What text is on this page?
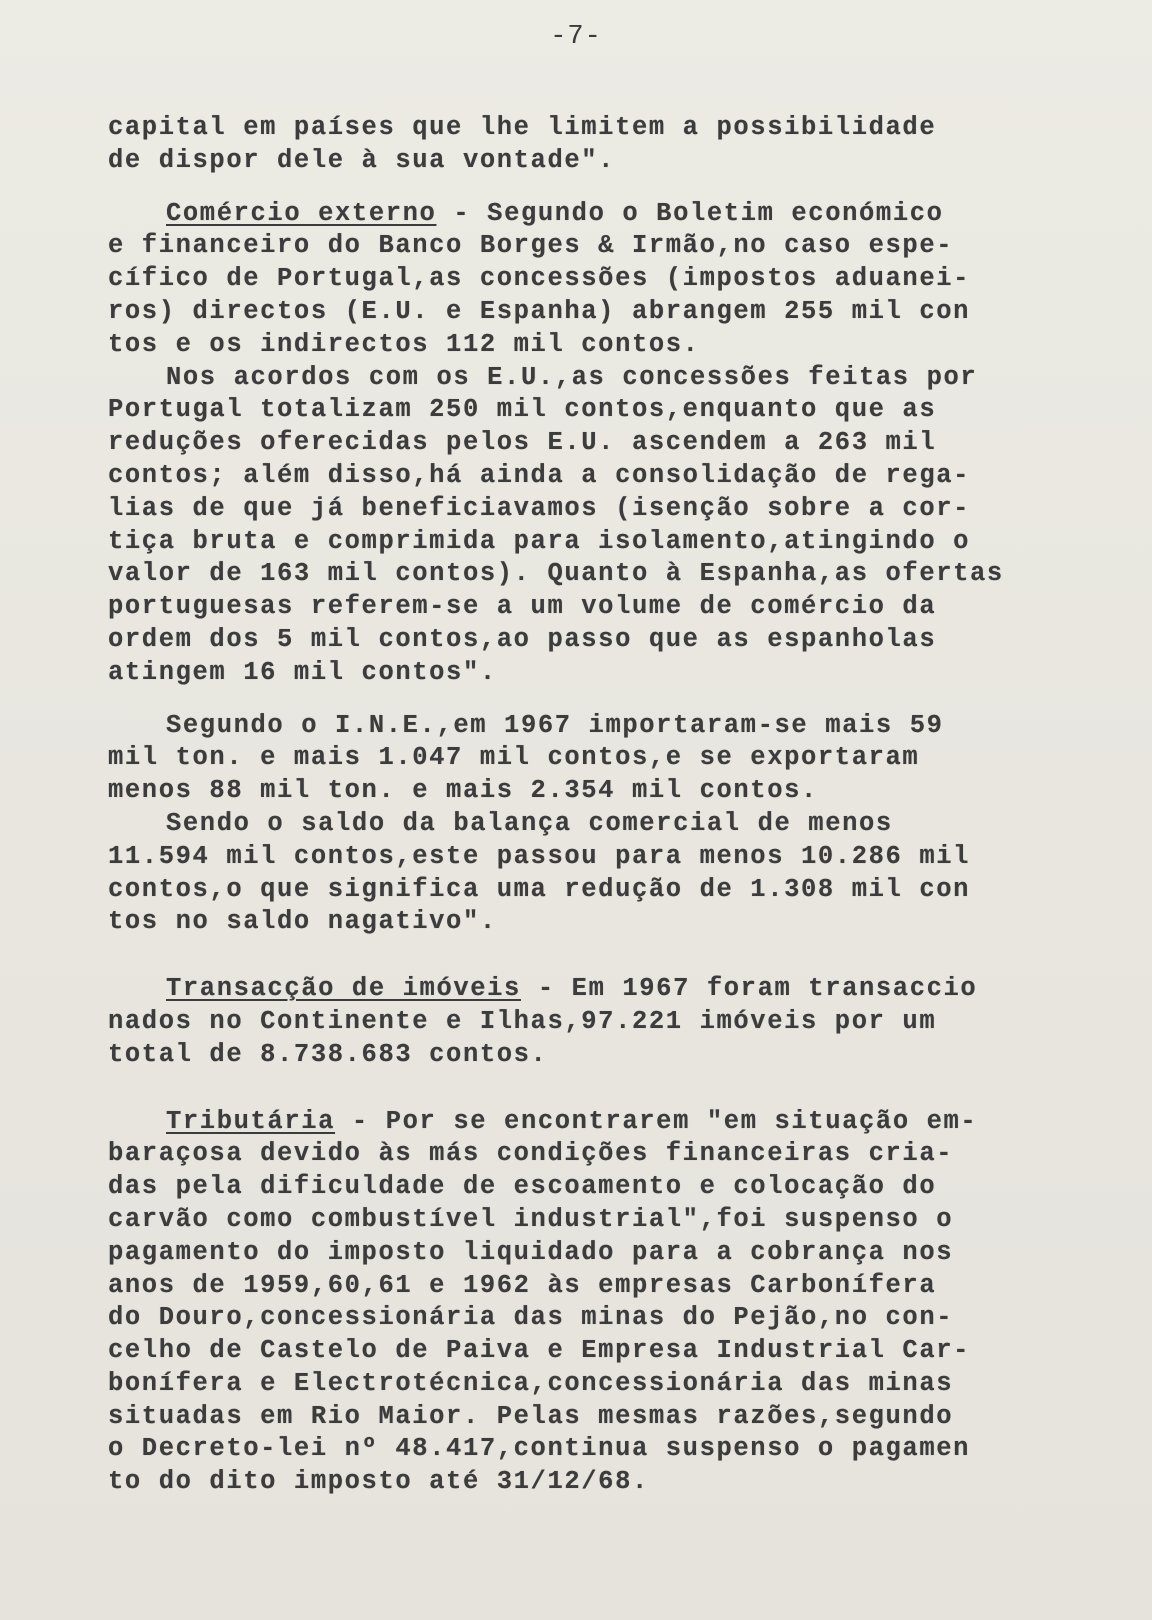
-7-
capital em países que lhe limitem a possibilidade
de dispor dele à sua vontade".
Comércio externo - Segundo o Boletim económico
e financeiro do Banco Borges & Irmão,no caso espe-
cífico de Portugal,as concessões (impostos aduanei-
ros) directos (E.U. e Espanha) abrangem 255 mil con
tos e os indirectos 112 mil contos.
Nos acordos com os E.U.,as concessões feitas por
Portugal totalizam 250 mil contos,enquanto que as
reduções oferecidas pelos E.U. ascendem a 263 mil
contos; além disso,há ainda a consolidação de rega-
lias de que já beneficiavamos (isenção sobre a cor-
tiça bruta e comprimida para isolamento,atingindo o
valor de 163 mil contos). Quanto à Espanha,as ofertas
portuguesas referem-se a um volume de comércio da
ordem dos 5 mil contos,ao passo que as espanholas
atingem 16 mil contos".
Segundo o I.N.E.,em 1967 importaram-se mais 59
mil ton. e mais 1.047 mil contos,e se exportaram
menos 88 mil ton. e mais 2.354 mil contos.
Sendo o saldo da balança comercial de menos
11.594 mil contos,este passou para menos 10.286 mil
contos,o que significa uma redução de 1.308 mil con
tos no saldo nagativo".
Transacção de imóveis - Em 1967 foram transaccio
nados no Continente e Ilhas,97.221 imóveis por um
total de 8.738.683 contos.
Tributária - Por se encontrarem "em situação em-
baraçosa devido às más condições financeiras cria-
das pela dificuldade de escoamento e colocação do
carvão como combustível industrial",foi suspenso o
pagamento do imposto liquidado para a cobrança nos
anos de 1959,60,61 e 1962 às empresas Carbonífera
do Douro,concessionária das minas do Pejão,no con-
celho de Castelo de Paiva e Empresa Industrial Car-
bonífera e Electrotécnica,concessionária das minas
situadas em Rio Maior. Pelas mesmas razões,segundo
o Decreto-lei nº 48.417,continua suspenso o pagamen
to do dito imposto até 31/12/68.
